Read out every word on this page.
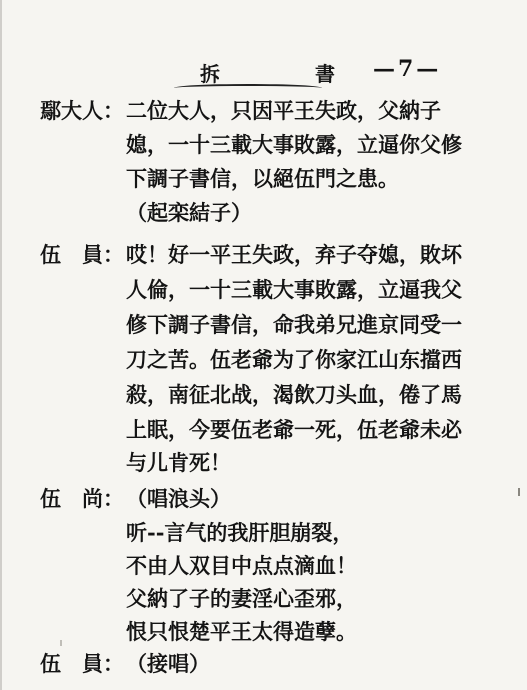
拆 書
—7—
鄢大人： 二位大人，只因平王失政，父納子
媳，一十三載大事敗露，立逼你父修
下調子書信，以絕伍門之患。
（起栾結子）
伍　員： 哎！好一平王失政，弃子夺媳，敗坏
人倫，一十三載大事敗露，立逼我父
修下調子書信，命我弟兄進京同受一
刀之苦。伍老爺为了你家江山东擋西
殺，南征北战，渴飲刀头血，倦了馬
上眠，今要伍老爺一死，伍老爺未必
与儿肯死！
伍　尚： （唱浪头）
听--言气的我肝胆崩裂，
不由人双目中点点滴血！
父納了子的妻淫心歪邪，
恨只恨楚平王太得造孽。
伍　員： （接唱）
